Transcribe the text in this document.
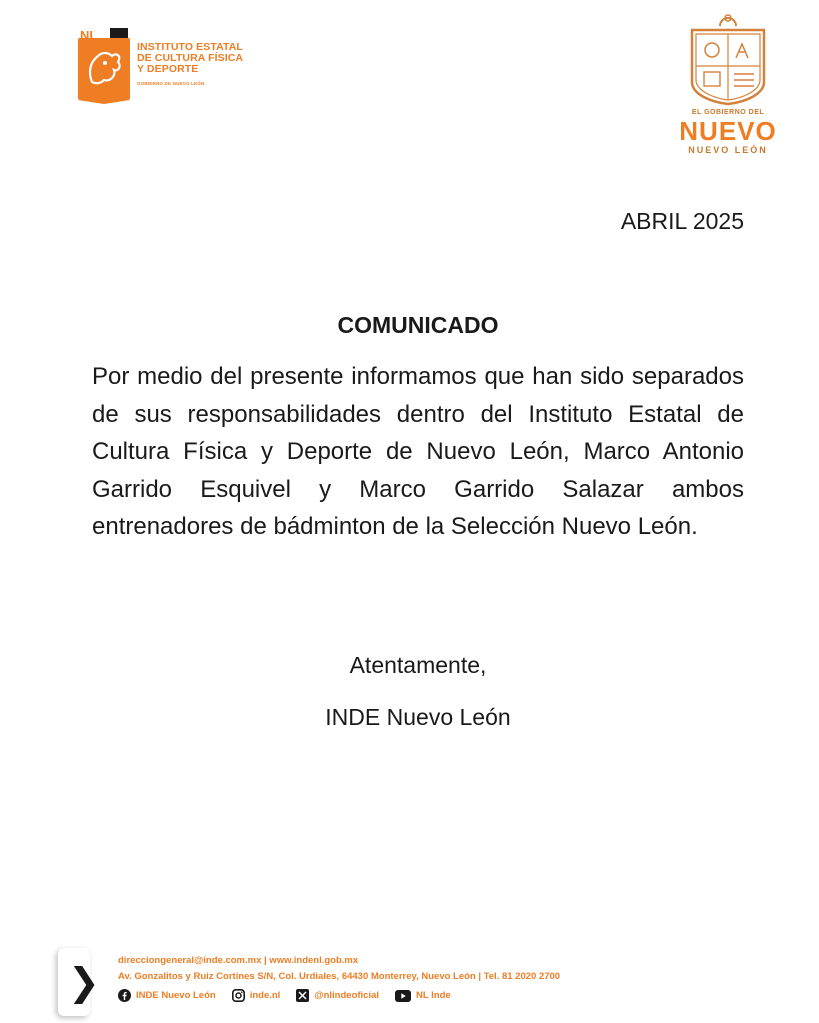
NL
INSTITUTO ESTATAL
DE CULTURA FÍSICA
Y DEPORTE
GOBIERNO DE NUEVO LEÓN
EL GOBIERNO DEL
NUEVO
NUEVO LEÓN
ABRIL 2025
COMUNICADO
Por medio del presente informamos que han sido separados de sus responsabilidades dentro del Instituto Estatal de Cultura Física y Deporte de Nuevo León, Marco Antonio Garrido Esquivel y Marco Garrido Salazar ambos entrenadores de bádminton de la Selección Nuevo León.
Atentamente,
INDE Nuevo León
❯ direcciongeneral@inde.com.mx | www.indenl.gob.mx
Av. Gonzalitos y Ruiz Cortines S/N, Col. Urdiales, 64430 Monterrey, Nuevo León | Tel. 81 2020 2700
INDE Nuevo León	inde.nl	@nlindeoficial	NL Inde
